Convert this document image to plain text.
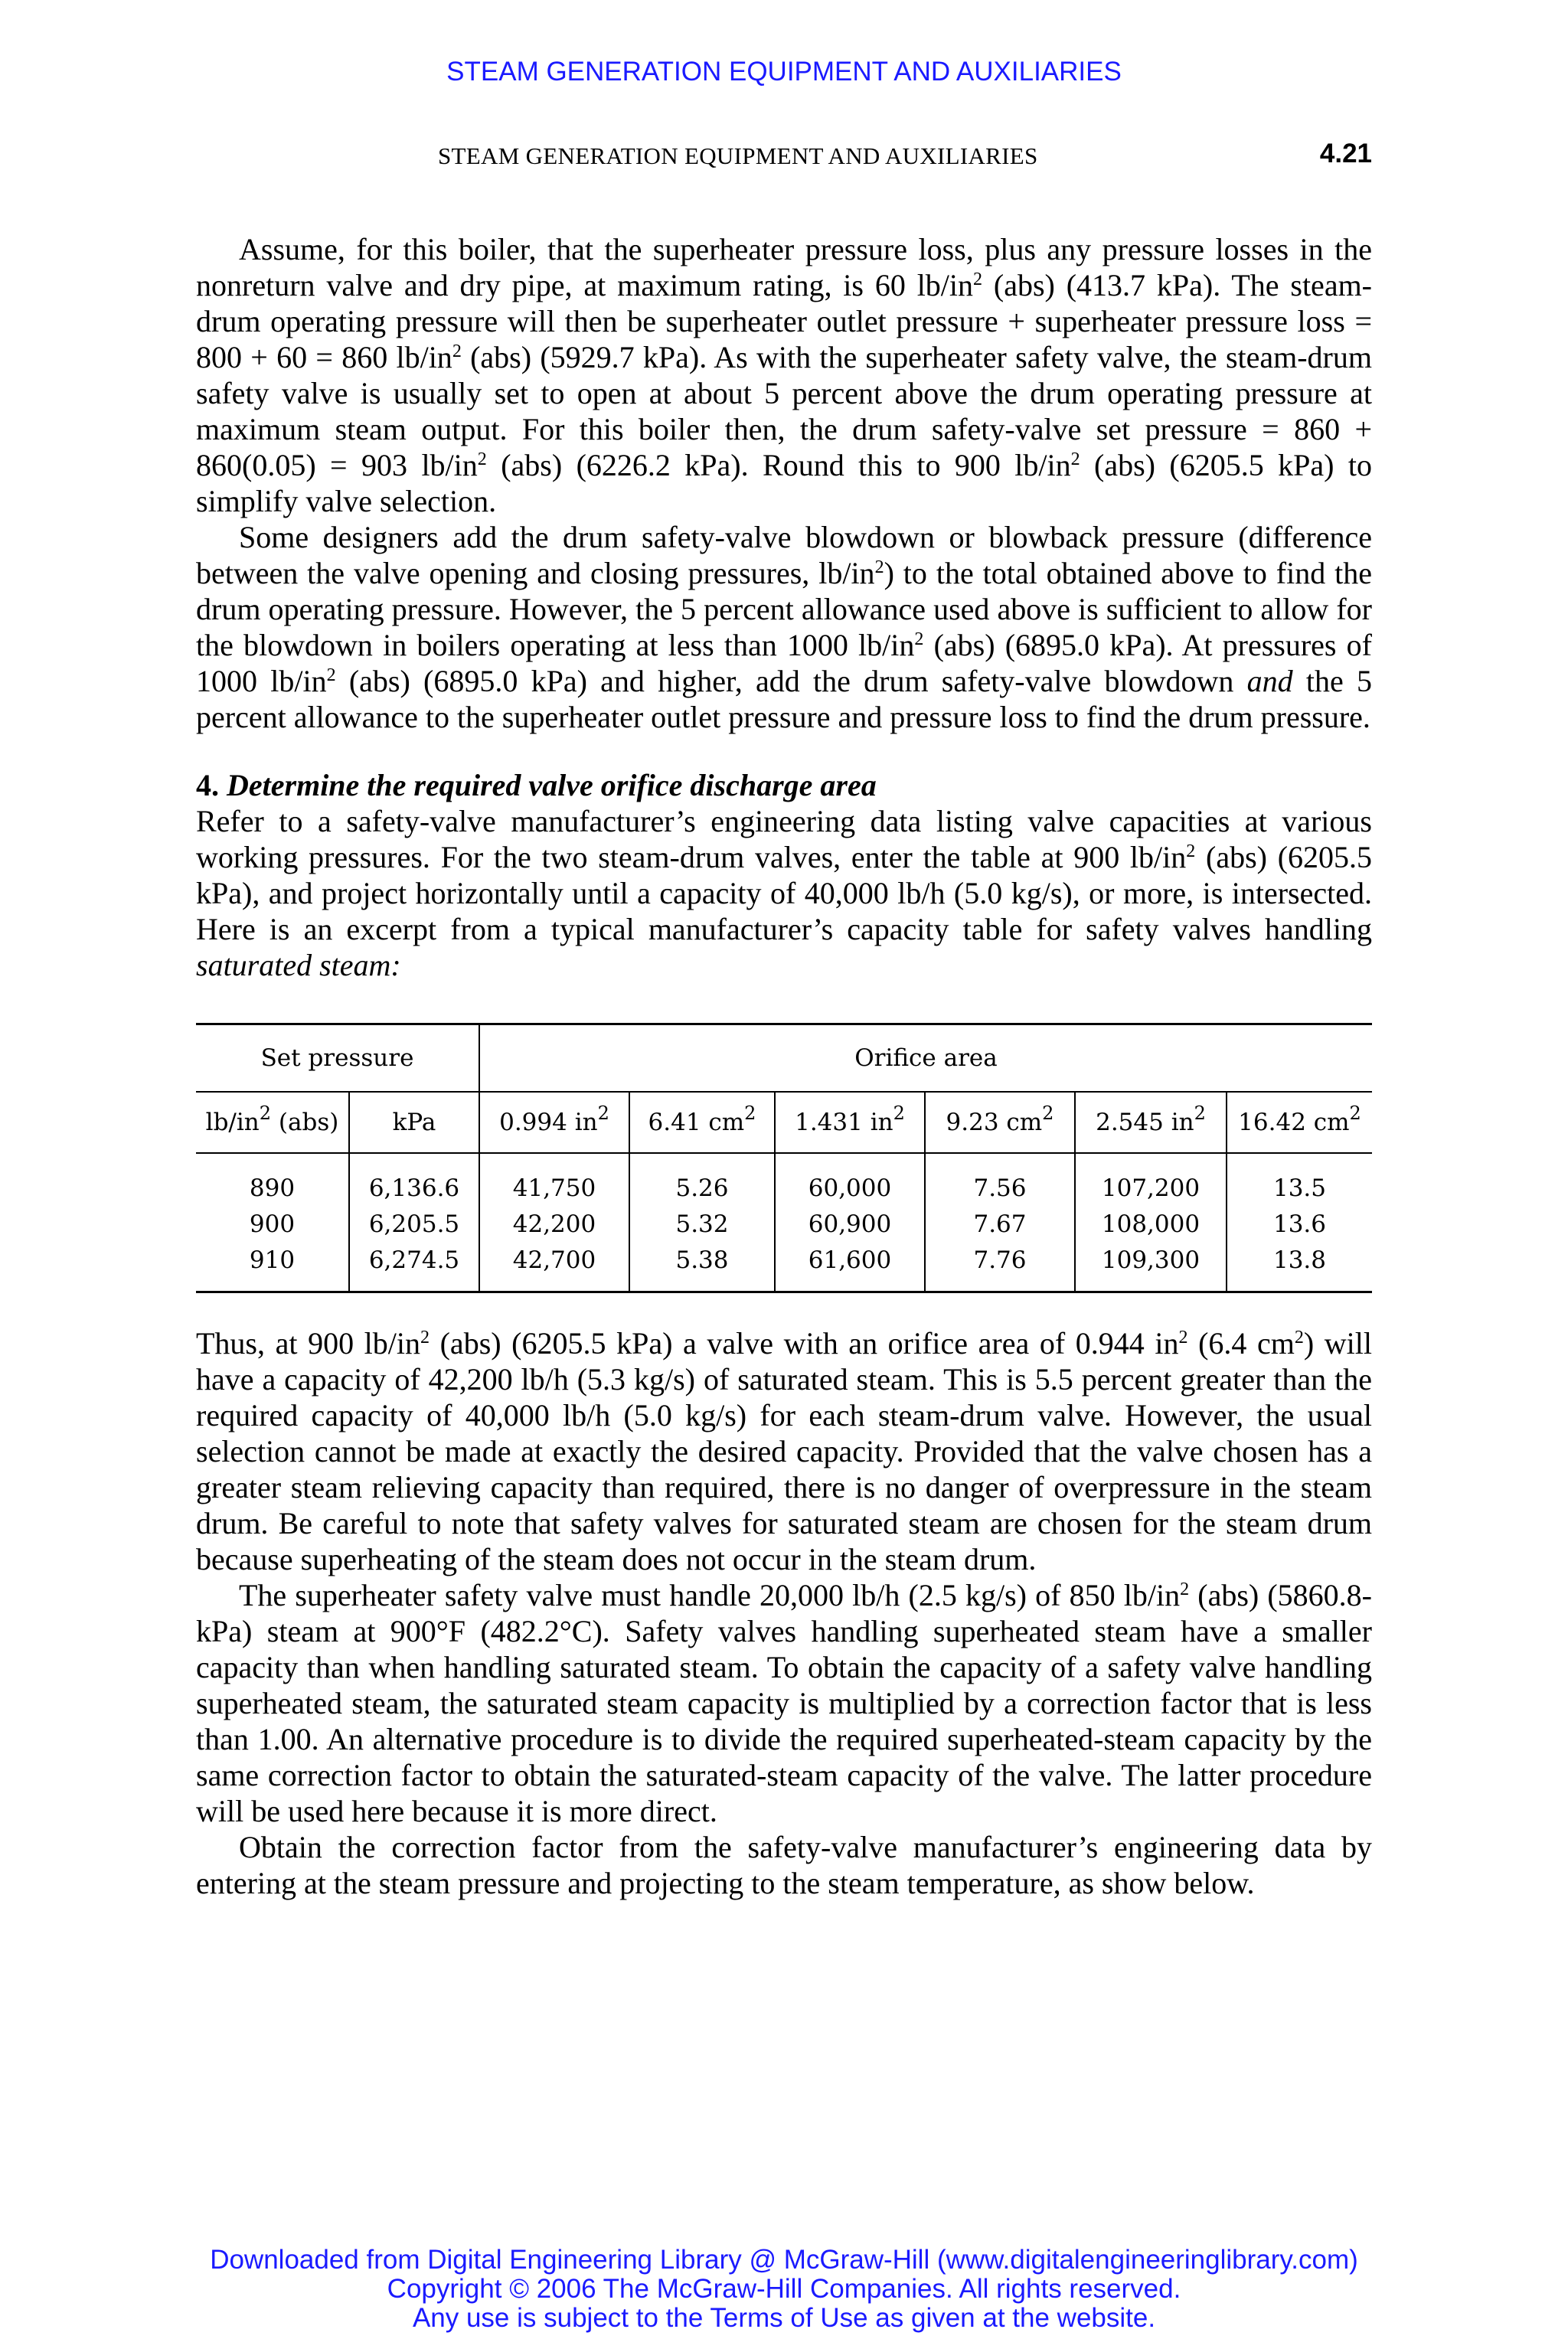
STEAM GENERATION EQUIPMENT AND AUXILIARIES
STEAM GENERATION EQUIPMENT AND AUXILIARIES	4.21

Assume, for this boiler, that the superheater pressure loss, plus any pressure losses in the nonreturn valve and dry pipe, at maximum rating, is 60 $lb/in^2$ (abs) (413.7 kPa). The steam-drum operating pressure will then be superheater outlet pressure + superheater pressure loss = 800 + 60 = 860 $lb/in^2$ (abs) (5929.7 kPa). As with the superheater safety valve, the steam-drum safety valve is usually set to open at about 5 percent above the drum operating pressure at maximum steam output. For this boiler then, the drum safety-valve set pressure = 860 + 860(0.05) = 903 $lb/in^2$ (abs) (6226.2 kPa). Round this to 900 $lb/in^2$ (abs) (6205.5 kPa) to simplify valve selection.

Some designers add the drum safety-valve blowdown or blowback pressure (difference between the valve opening and closing pressures, $lb/in^2$) to the total obtained above to find the drum operating pressure. However, the 5 percent allowance used above is sufficient to allow for the blowdown in boilers operating at less than 1000 $lb/in^2$ (abs) (6895.0 kPa). At pressures of 1000 $lb/in^2$ (abs) (6895.0 kPa) and higher, add the drum safety-valve blowdown and the 5 percent allowance to the superheater outlet pressure and pressure loss to find the drum pressure.

4. Determine the required valve orifice discharge area

Refer to a safety-valve manufacturer’s engineering data listing valve capacities at various working pressures. For the two steam-drum valves, enter the table at 900 $lb/in^2$ (abs) (6205.5 kPa), and project horizontally until a capacity of 40,000 lb/h (5.0 kg/s), or more, is intersected. Here is an excerpt from a typical manufacturer’s capacity table for safety valves handling saturated steam:

Set pressure		Orifice area					
$lb/in^2$ (abs)	kPa	0.994 $in^2$	6.41 $cm^2$	1.431 $in^2$	9.23 $cm^2$	2.545 $in^2$	16.42 $cm^2$
890	6,136.6	41,750	5.26	60,000	7.56	107,200	13.5
900	6,205.5	42,200	5.32	60,900	7.67	108,000	13.6
910	6,274.5	42,700	5.38	61,600	7.76	109,300	13.8

Thus, at 900 $lb/in^2$ (abs) (6205.5 kPa) a valve with an orifice area of 0.944 $in^2$ (6.4 $cm^2$) will have a capacity of 42,200 lb/h (5.3 kg/s) of saturated steam. This is 5.5 percent greater than the required capacity of 40,000 lb/h (5.0 kg/s) for each steam-drum valve. However, the usual selection cannot be made at exactly the desired capacity. Provided that the valve chosen has a greater steam relieving capacity than required, there is no danger of overpressure in the steam drum. Be careful to note that safety valves for saturated steam are chosen for the steam drum because superheating of the steam does not occur in the steam drum.

The superheater safety valve must handle 20,000 lb/h (2.5 kg/s) of 850 $lb/in^2$ (abs) (5860.8-kPa) steam at 900°F (482.2°C). Safety valves handling superheated steam have a smaller capacity than when handling saturated steam. To obtain the capacity of a safety valve handling superheated steam, the saturated steam capacity is multiplied by a correction factor that is less than 1.00. An alternative procedure is to divide the required superheated-steam capacity by the same correction factor to obtain the saturated-steam capacity of the valve. The latter procedure will be used here because it is more direct.

Obtain the correction factor from the safety-valve manufacturer’s engineering data by entering at the steam pressure and projecting to the steam temperature, as show below.

Downloaded from Digital Engineering Library @ McGraw-Hill (www.digitalengineeringlibrary.com)
Copyright © 2006 The McGraw-Hill Companies. All rights reserved.
Any use is subject to the Terms of Use as given at the website.
